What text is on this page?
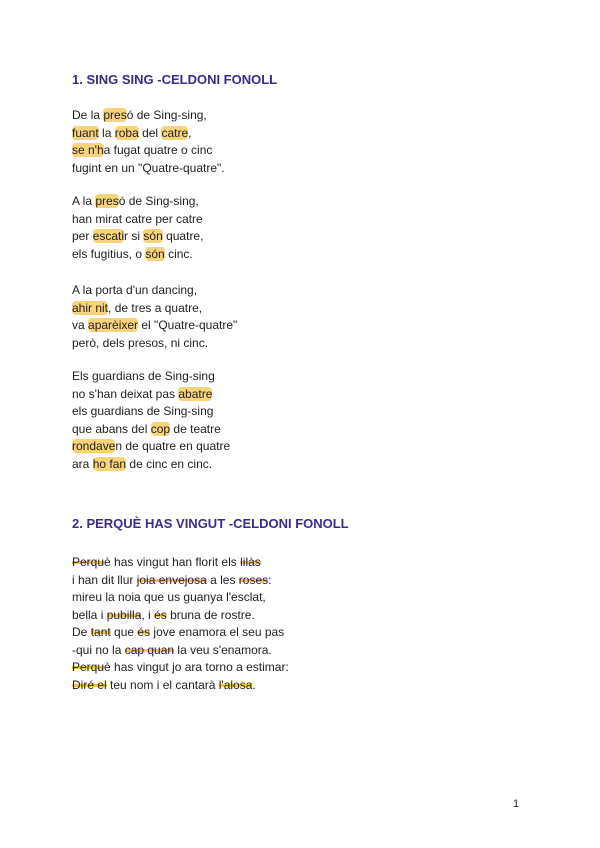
1. SING SING -CELDONI FONOLL

De la presó de Sing-sing,

fuant la roba del catre,

se n'ha fugat quatre o cinc

fugint en un "Quatre-quatre".

A la presó de Sing-sing,

han mirat catre per catre

per escatir si són quatre,

els fugitius, o són cinc.

A la porta d'un dancing,

ahir nit, de tres a quatre,

va aparèixer el "Quatre-quatre"

però, dels presos, ni cinc.

Els guardians de Sing-sing

no s'han deixat pas abatre

els guardians de Sing-sing

que abans del cop de teatre

rondaven de quatre en quatre

ara ho fan de cinc en cinc.

2. PERQUÈ HAS VINGUT -CELDONI FONOLL

Perquè has vingut han florit els lilàs

i han dit llur joia envejosa a les roses:

mireu la noia que us guanya l'esclat,

bella i pubilla, i és bruna de rostre.

De tant que és jove enamora el seu pas

-qui no la cap quan la veu s'enamora.

Perquè has vingut jo ara torno a estimar:

Diré el teu nom i el cantarà l'alosa.

1
